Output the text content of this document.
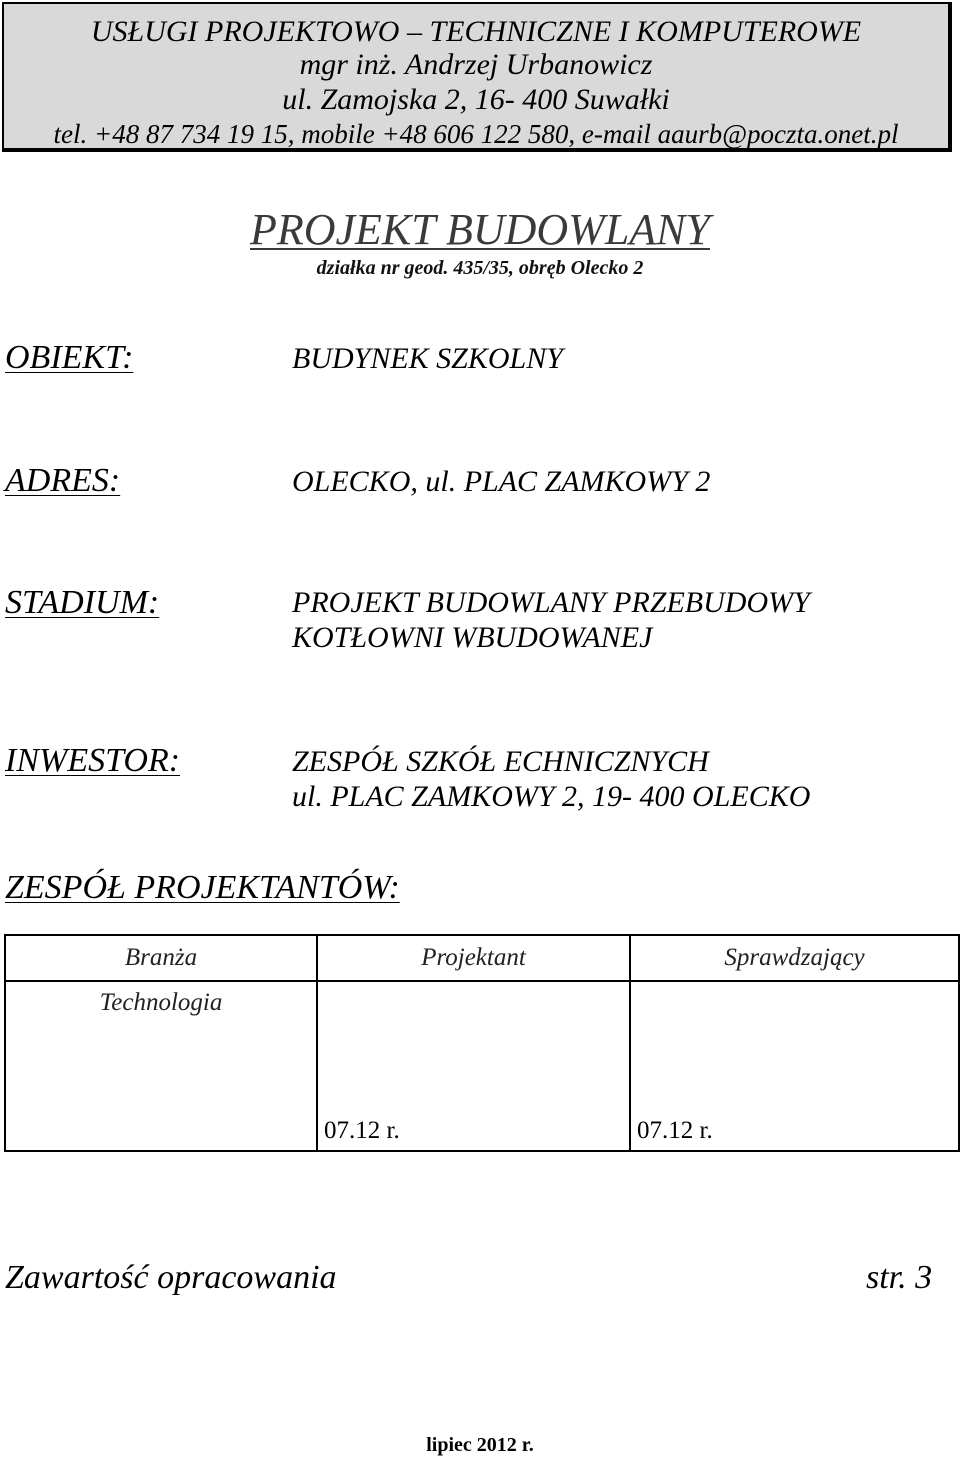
USŁUGI PROJEKTOWO – TECHNICZNE I KOMPUTEROWE
mgr inż. Andrzej Urbanowicz
ul. Zamojska 2, 16- 400 Suwałki
tel. +48 87 734 19 15, mobile +48 606 122 580, e-mail aaurb@poczta.onet.pl
PROJEKT BUDOWLANY
działka nr geod. 435/35, obręb Olecko 2
OBIEKT:	BUDYNEK SZKOLNY
ADRES:	OLECKO, ul. PLAC ZAMKOWY 2
STADIUM:	PROJEKT BUDOWLANY PRZEBUDOWY
KOTŁOWNI WBUDOWANEJ
INWESTOR:	ZESPÓŁ SZKÓŁ ECHNICZNYCH
ul. PLAC ZAMKOWY 2, 19- 400 OLECKO
ZESPÓŁ PROJEKTANTÓW:
Branża	Projektant	Sprawdzający

Technologia	07.12 r.	07.12 r.
Zawartość opracowania	str. 3
lipiec 2012 r.
